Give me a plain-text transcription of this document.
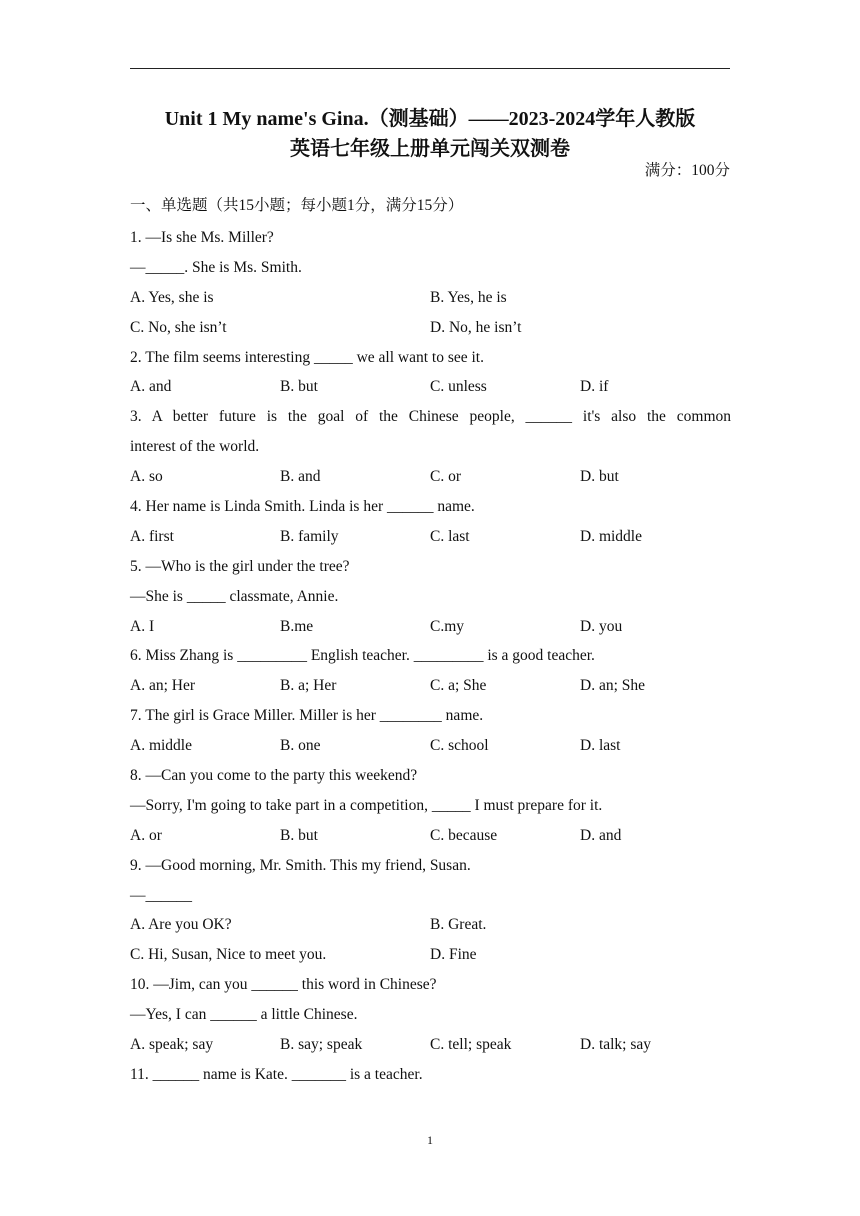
Unit 1 My name's Gina.（测基础）——2023-2024学年人教版
英语七年级上册单元闯关双测卷
满分：100分
一、单选题（共15小题；每小题1分，满分15分）
1. —Is she Ms. Miller?
—_____. She is Ms. Smith.
A. Yes, she is	B. Yes, he is
C. No, she isn’t	D. No, he isn’t
2. The film seems interesting _____ we all want to see it.
A. and	B. but	C. unless	D. if
3. A better future is the goal of the Chinese people, ______ it's also the common
interest of the world.
A. so	B. and	C. or	D. but
4. Her name is Linda Smith. Linda is her ______ name.
A. first	B. family	C. last	D. middle
5. —Who is the girl under the tree?
—She is _____ classmate, Annie.
A. I	B.me	C.my	D. you
6. Miss Zhang is _________ English teacher. _________ is a good teacher.
A. an; Her	B. a; Her	C. a; She	D. an; She
7. The girl is Grace Miller. Miller is her ________ name.
A. middle	B. one	C. school	D. last
8. —Can you come to the party this weekend?
—Sorry, I'm going to take part in a competition, _____ I must prepare for it.
A. or	B. but	C. because	D. and
9. —Good morning, Mr. Smith. This my friend, Susan.
—______
A. Are you OK?	B. Great.
C. Hi, Susan, Nice to meet you.	D. Fine
10. —Jim, can you ______ this word in Chinese?
—Yes, I can ______ a little Chinese.
A. speak; say	B. say; speak	C. tell; speak	D. talk; say
11. ______ name is Kate. _______ is a teacher.
1
